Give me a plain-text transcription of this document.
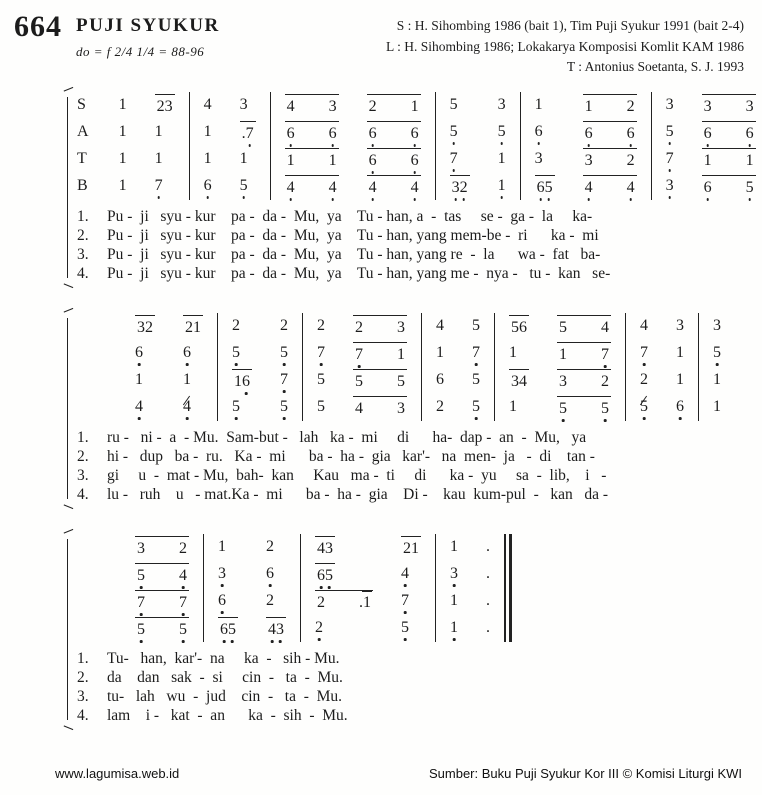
664 PUJI SYUKUR
do = f 2/4 1/4 = 88-96
S : H. Sihombing 1986 (bait 1), Tim Puji Syukur 1991 (bait 2-4)
L : H. Sihombing 1986; Lokakarya Komposisi Komlit KAM 1986
T : Antonius Soetanta, S. J. 1993
S	1	23		4	3		4 3	2 1		5	3		1	1 2		3	3 3	
A	1	1		1	.7		6 6	6 6		5	5		6	6 6		5	6 6	
T	1	1		1	1		1 1	6 6		7	1		3	3 2		7	1 1	
B	1	7		6	5		4 4	4 4		32	1		65	4 4		3	6 5	
1.	Pu -  ji   syu - kur    pa -  da -  Mu,  ya    Tu - han, a  -  tas     se -  ga -  la     ka-
2.	Pu -  ji   syu - kur    pa -  da -  Mu,  ya    Tu - han, yang mem-be -  ri      ka -  mi
3.	Pu -  ji   syu - kur    pa -  da -  Mu,  ya    Tu - han, yang re  -  la      wa -  fat   ba-
4.	Pu -  ji   syu - kur    pa -  da -  Mu,  ya    Tu - han, yang me -  nya -   tu -  kan   se-
32	21		2	2		2	2 3		4	5		56	5 4		4	3		3
6	6		5	5		7	7 1		1	7		1	1 7		7	1		5
1	1		16	7		5	5 5		6	5		34	3 2		2	1		1
4	4		5	5		5	4 3		2	5		1	5 5		5	6		1
1.	ru -   ni -  a  - Mu.  Sam-but -   lah   ka -  mi     di      ha-  dap -  an  -  Mu,   ya
2.	hi -   dup   ba -  ru.   Ka -  mi      ba -  ha -  gia   kar'-   na  men-  ja   -  di    tan -
3.	gi     u  -  mat - Mu,  bah-  kan     Kau   ma -  ti     di      ka -  yu     sa  -  lib,    i   -
4.	lu -   ruh    u   - mat.Ka -  mi      ba -  ha -  gia    Di -    kau  kum-pul  -   kan   da -
3 2		1	2		43	21		1	.	
5 4		3	6		65	4		3	.	
7 7		6	2		2 .1	7		1	.	
5 5		65	43		2	5		1	.	
1.	Tu-   han,  kar'-  na     ka  -   sih - Mu.
2.	da    dan   sak  -  si     cin  -   ta  -  Mu.
3.	tu-   lah   wu  -  jud    cin  -   ta  -  Mu.
4.	lam    i -   kat  -  an      ka  -  sih  -  Mu.
www.lagumisa.web.id	Sumber: Buku Puji Syukur Kor III © Komisi Liturgi KWI
